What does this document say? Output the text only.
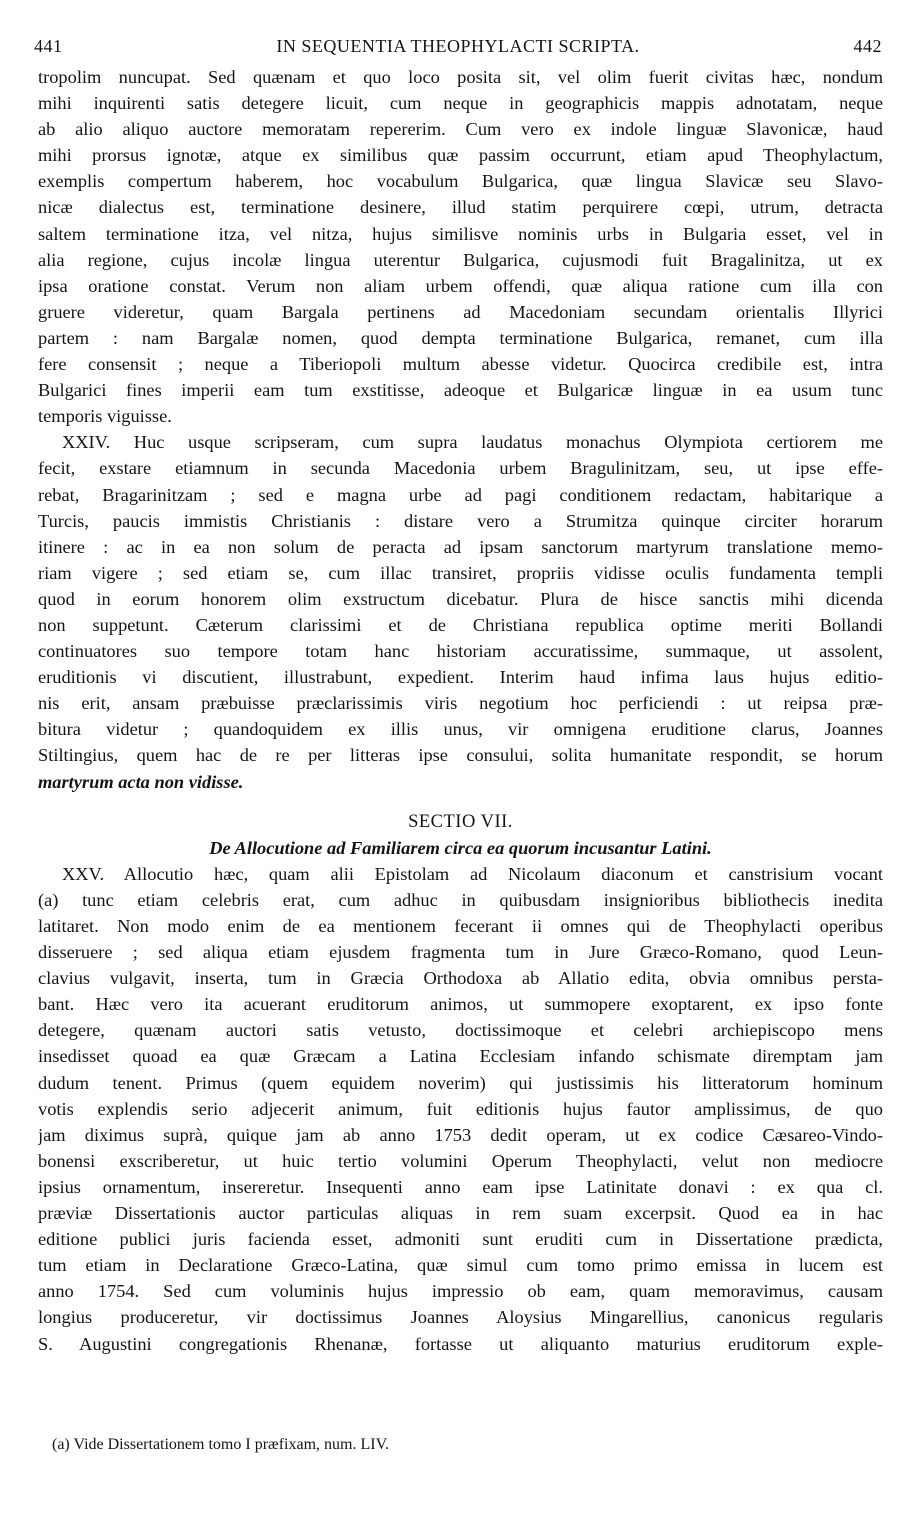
441	IN SEQUENTIA THEOPHYLACTI SCRIPTA.	442
tropolim nuncupat. Sed quænam et quo loco posita sit, vel olim fuerit civitas hæc, nondum
mihi inquirenti satis detegere licuit, cum neque in geographicis mappis adnotatam, neque
ab alio aliquo auctore memoratam repererim. Cum vero ex indole linguæ Slavonicæ, haud
mihi prorsus ignotæ, atque ex similibus quæ passim occurrunt, etiam apud Theophylactum,
exemplis compertum haberem, hoc vocabulum Bulgarica, quæ lingua Slavicæ seu Slavo-
nicæ dialectus est, terminatione desinere, illud statim perquirere cœpi, utrum, detracta
saltem terminatione itza, vel nitza, hujus similisve nominis urbs in Bulgaria esset, vel in
alia regione, cujus incolæ lingua uterentur Bulgarica, cujusmodi fuit Bragalinitza, ut ex
ipsa oratione constat. Verum non aliam urbem offendi, quæ aliqua ratione cum illa con
gruere videretur, quam Bargala pertinens ad Macedoniam secundam orientalis Illyrici
partem : nam Bargalæ nomen, quod dempta terminatione Bulgarica, remanet, cum illa
fere consensit ; neque a Tiberiopoli multum abesse videtur. Quocirca credibile est, intra
Bulgarici fines imperii eam tum exstitisse, adeoque et Bulgaricæ linguæ in ea usum tunc
temporis viguisse.
XXIV. Huc usque scripseram, cum supra laudatus monachus Olympiota certiorem me
fecit, exstare etiamnum in secunda Macedonia urbem Bragulinitzam, seu, ut ipse effe-
rebat, Bragarinitzam ; sed e magna urbe ad pagi conditionem redactam, habitarique a
Turcis, paucis immistis Christianis : distare vero a Strumitza quinque circiter horarum
itinere : ac in ea non solum de peracta ad ipsam sanctorum martyrum translatione memo-
riam vigere ; sed etiam se, cum illac transiret, propriis vidisse oculis fundamenta templi
quod in eorum honorem olim exstructum dicebatur. Plura de hisce sanctis mihi dicenda
non suppetunt. Cæterum clarissimi et de Christiana republica optime meriti Bollandi
continuatores suo tempore totam hanc historiam accuratissime, summaque, ut assolent,
eruditionis vi discutient, illustrabunt, expedient. Interim haud infima laus hujus editio-
nis erit, ansam præbuisse præclarissimis viris negotium hoc perficiendi : ut reipsa præ-
bitura videtur ; quandoquidem ex illis unus, vir omnigena eruditione clarus, Joannes
Stiltingius, quem hac de re per litteras ipse consului, solita humanitate respondit, se horum
martyrum acta non vidisse.
SECTIO VII.
De Allocutione ad Familiarem circa ea quorum incusantur Latini.
XXV. Allocutio hæc, quam alii Epistolam ad Nicolaum diaconum et canstrisium vocant
(a) tunc etiam celebris erat, cum adhuc in quibusdam insignioribus bibliothecis inedita
latitaret. Non modo enim de ea mentionem fecerant ii omnes qui de Theophylacti operibus
disseruere ; sed aliqua etiam ejusdem fragmenta tum in Jure Græco-Romano, quod Leun-
clavius vulgavit, inserta, tum in Græcia Orthodoxa ab Allatio edita, obvia omnibus persta-
bant. Hæc vero ita acuerant eruditorum animos, ut summopere exoptarent, ex ipso fonte
detegere, quænam auctori satis vetusto, doctissimoque et celebri archiepiscopo mens
insedisset quoad ea quæ Græcam a Latina Ecclesiam infando schismate diremptam jam
dudum tenent. Primus (quem equidem noverim) qui justissimis his litteratorum hominum
votis explendis serio adjecerit animum, fuit editionis hujus fautor amplissimus, de quo
jam diximus suprà, quique jam ab anno 1753 dedit operam, ut ex codice Cæsareo-Vindo-
bonensi exscriberetur, ut huic tertio volumini Operum Theophylacti, velut non mediocre
ipsius ornamentum, insereretur. Insequenti anno eam ipse Latinitate donavi : ex qua cl.
præviæ Dissertationis auctor particulas aliquas in rem suam excerpsit. Quod ea in hac
editione publici juris facienda esset, admoniti sunt eruditi cum in Dissertatione prædicta,
tum etiam in Declaratione Græco-Latina, quæ simul cum tomo primo emissa in lucem est
anno 1754. Sed cum voluminis hujus impressio ob eam, quam memoravimus, causam
longius produceretur, vir doctissimus Joannes Aloysius Mingarellius, canonicus regularis
S. Augustini congregationis Rhenanæ, fortasse ut aliquanto maturius eruditorum exple-
(a) Vide Dissertationem tomo I præfixam, num. LIV.
